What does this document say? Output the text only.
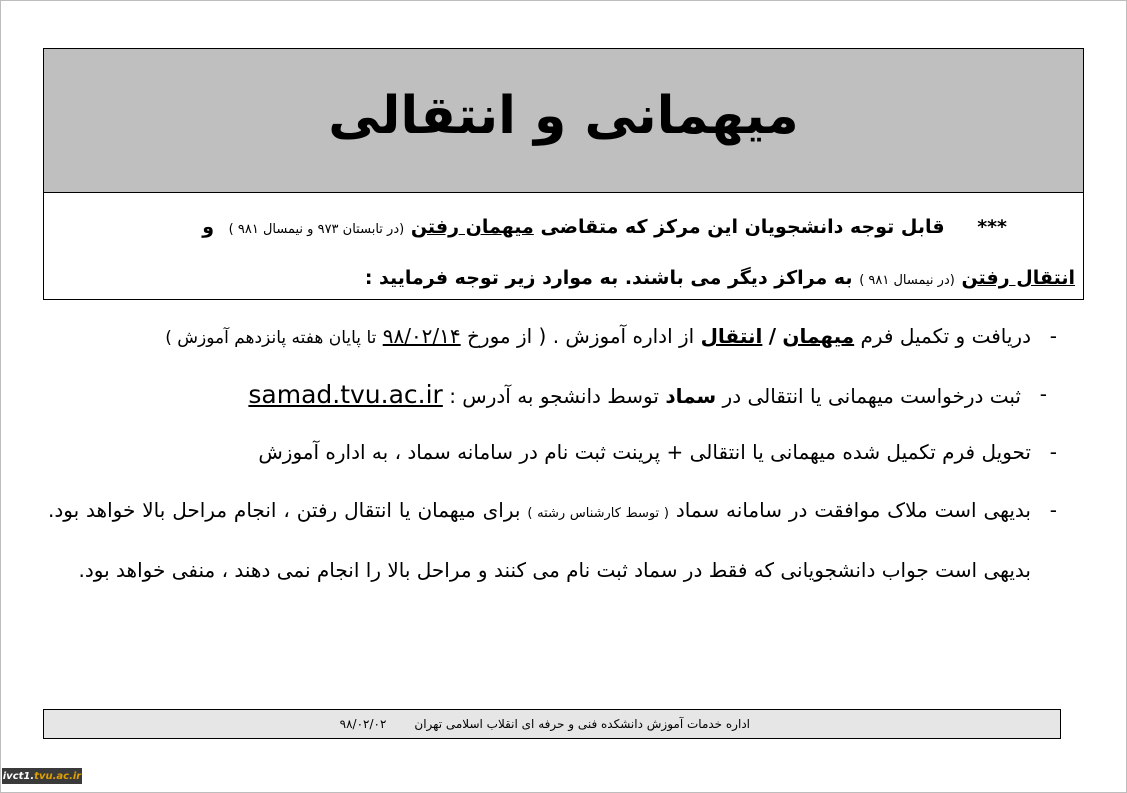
میهمانی و انتقالی
*** قابل توجه دانشجویان این مرکز که متقاضی میهمان رفتن (در تابستان ۹۷۳ و نیمسال ۹۸۱ ) و
انتقال رفتن (در نیمسال ۹۸۱ ) به مراکز دیگر می باشند. به موارد زیر توجه فرمایید :
-
دریافت و تکمیل فرم میهمان / انتقال از اداره آموزش . ( از مورخ ۹۸/۰۲/۱۴ تا پایان هفته پانزدهم آموزش )
-
ثبت درخواست میهمانی یا انتقالی در سماد توسط دانشجو به آدرس : samad.tvu.ac.ir
-
تحویل فرم تکمیل شده میهمانی یا انتقالی + پرینت ثبت نام در سامانه سماد ، به اداره آموزش
-
بدیهی است ملاک موافقت در سامانه سماد ( توسط کارشناس رشته ) برای میهمان یا انتقال رفتن ، انجام مراحل بالا خواهد بود. بدیهی است جواب دانشجویانی که فقط در سماد ثبت نام می کنند و مراحل بالا را انجام نمی دهند ، منفی خواهد بود.
اداره خدمات آموزش دانشکده فنی و حرفه ای انقلاب اسلامی تهران
۹۸/۰۲/۰۲
ivct1. tvu.ac.ir
